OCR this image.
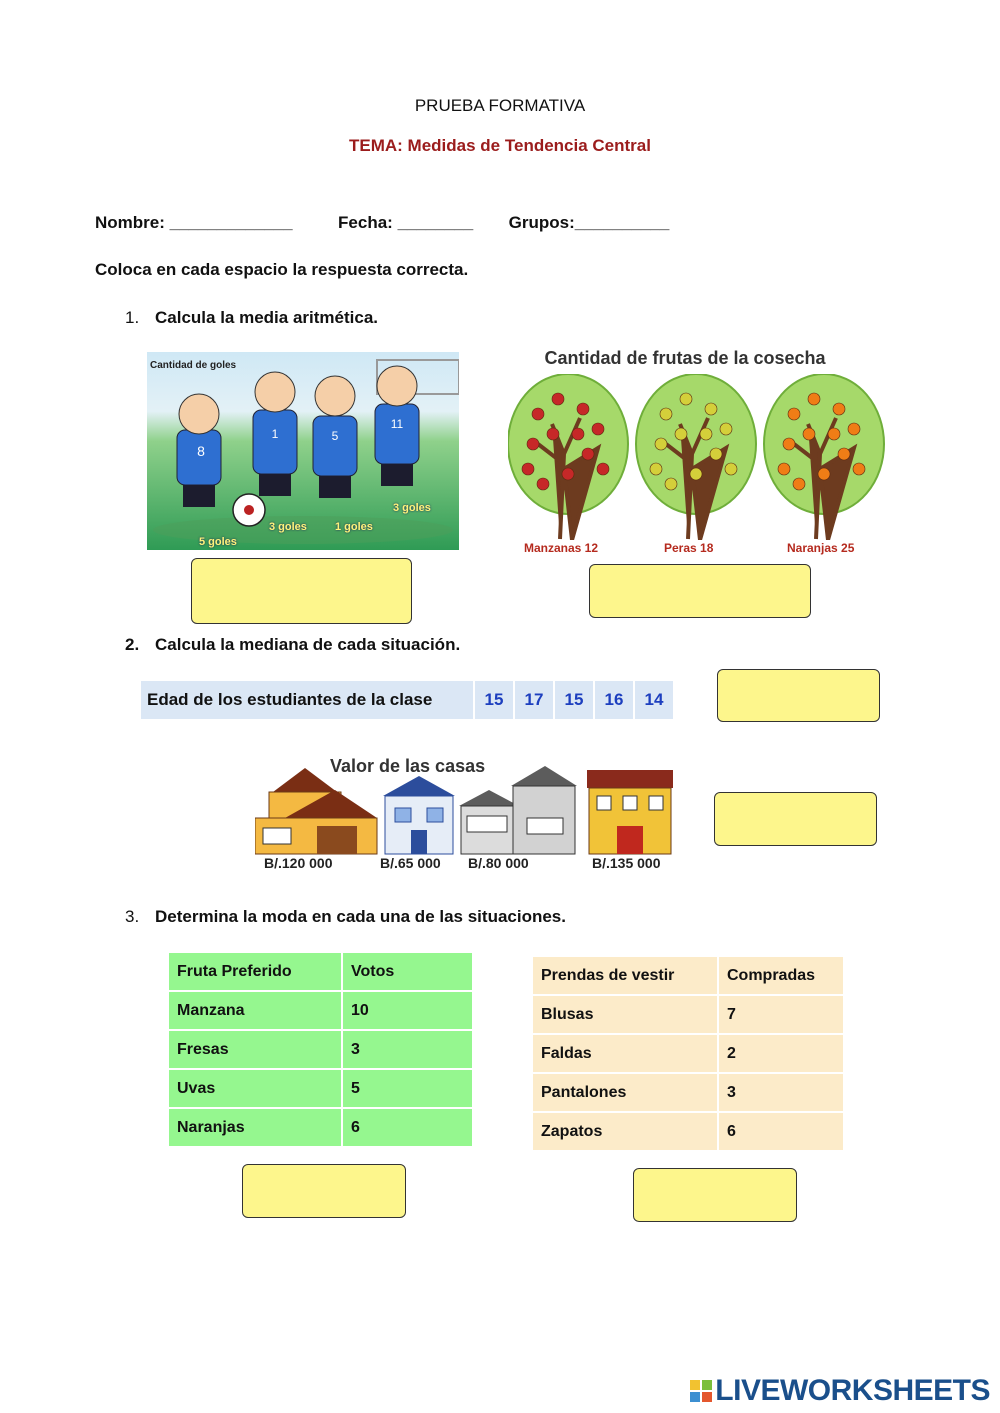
PRUEBA FORMATIVA
TEMA: Medidas de Tendencia Central
Nombre: _____________	Fecha: ________ Grupos:__________
Coloca en cada espacio la respuesta correcta.
1. Calcula la media aritmética.
8
1	5
11
Cantidad de goles
5 goles
3 goles	1 goles
3 goles
Cantidad de frutas de la cosecha
Manzanas 12	Peras 18	Naranjas 25
2. Calcula la mediana de cada situación.
Edad de los estudiantes de la clase	15	17	15	16	14
Valor de las casas
B/.120 000	B/.65 000 B/.80 000	B/.135 000
3. Determina la moda en cada una de las situaciones.
Fruta Preferido	Votos
Manzana	10
Fresas	3
Uvas	5
Naranjas	6
Prendas de vestir	Compradas
Blusas	7
Faldas	2
Pantalones	3
Zapatos	6
LIVEWORKSHEETS
